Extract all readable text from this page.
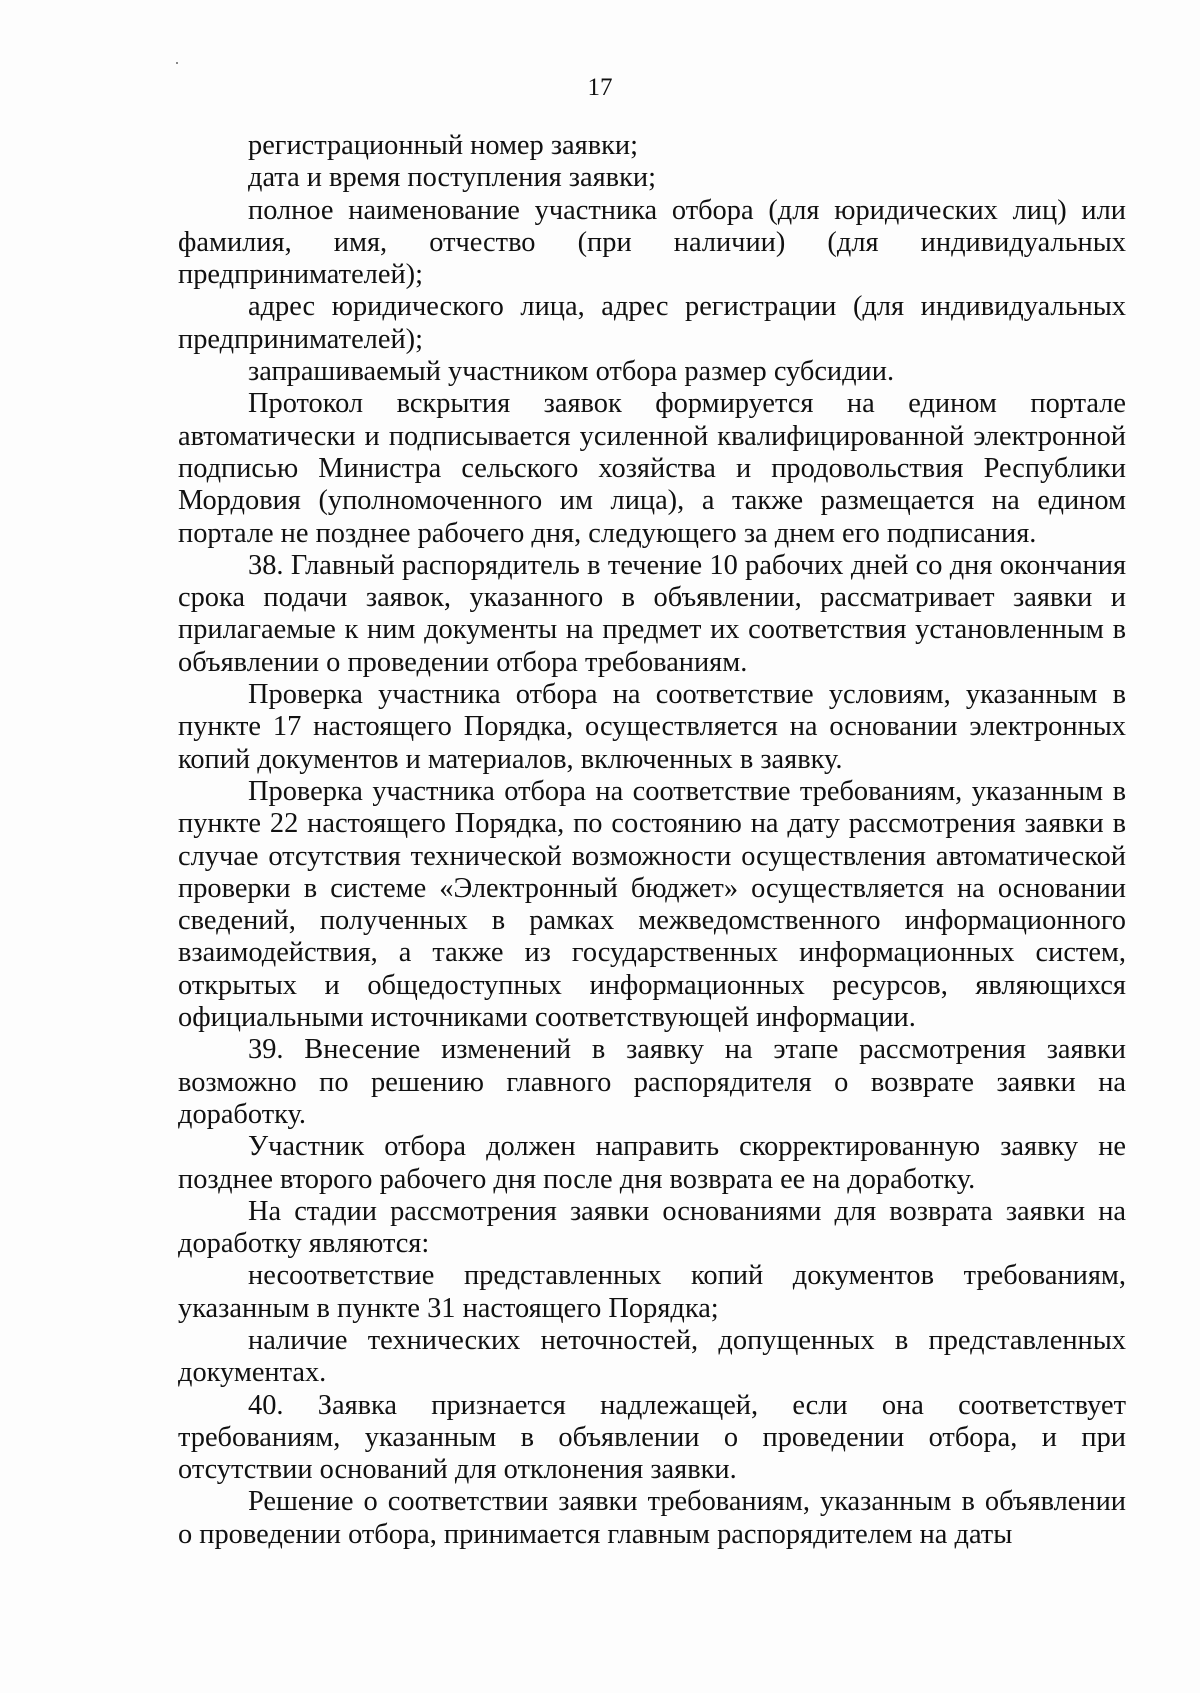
17

регистрационный номер заявки;

дата и время поступления заявки;

полное наименование участника отбора (для юридических лиц) или фамилия, имя, отчество (при наличии) (для индивидуальных предпринимателей);

адрес юридического лица, адрес регистрации (для индивидуальных предпринимателей);

запрашиваемый участником отбора размер субсидии.

Протокол вскрытия заявок формируется на едином портале автоматически и подписывается усиленной квалифицированной электронной подписью Министра сельского хозяйства и продовольствия Республики Мордовия (уполномоченного им лица), а также размещается на едином портале не позднее рабочего дня, следующего за днем его подписания.

38. Главный распорядитель в течение 10 рабочих дней со дня окончания срока подачи заявок, указанного в объявлении, рассматривает заявки и прилагаемые к ним документы на предмет их соответствия установленным в объявлении о проведении отбора требованиям.

Проверка участника отбора на соответствие условиям, указанным в пункте 17 настоящего Порядка, осуществляется на основании электронных копий документов и материалов, включенных в заявку.

Проверка участника отбора на соответствие требованиям, указанным в пункте 22 настоящего Порядка, по состоянию на дату рассмотрения заявки в случае отсутствия технической возможности осуществления автоматической проверки в системе «Электронный бюджет» осуществляется на основании сведений, полученных в рамках межведомственного информационного взаимодействия, а также из государственных информационных систем, открытых и общедоступных информационных ресурсов, являющихся официальными источниками соответствующей информации.

39. Внесение изменений в заявку на этапе рассмотрения заявки возможно по решению главного распорядителя о возврате заявки на доработку.

Участник отбора должен направить скорректированную заявку не позднее второго рабочего дня после дня возврата ее на доработку.

На стадии рассмотрения заявки основаниями для возврата заявки на доработку являются:

несоответствие представленных копий документов требованиям, указанным в пункте 31 настоящего Порядка;

наличие технических неточностей, допущенных в представленных документах.

40. Заявка признается надлежащей, если она соответствует требованиям, указанным в объявлении о проведении отбора, и при отсутствии оснований для отклонения заявки.

Решение о соответствии заявки требованиям, указанным в объявлении о проведении отбора, принимается главным распорядителем на даты
